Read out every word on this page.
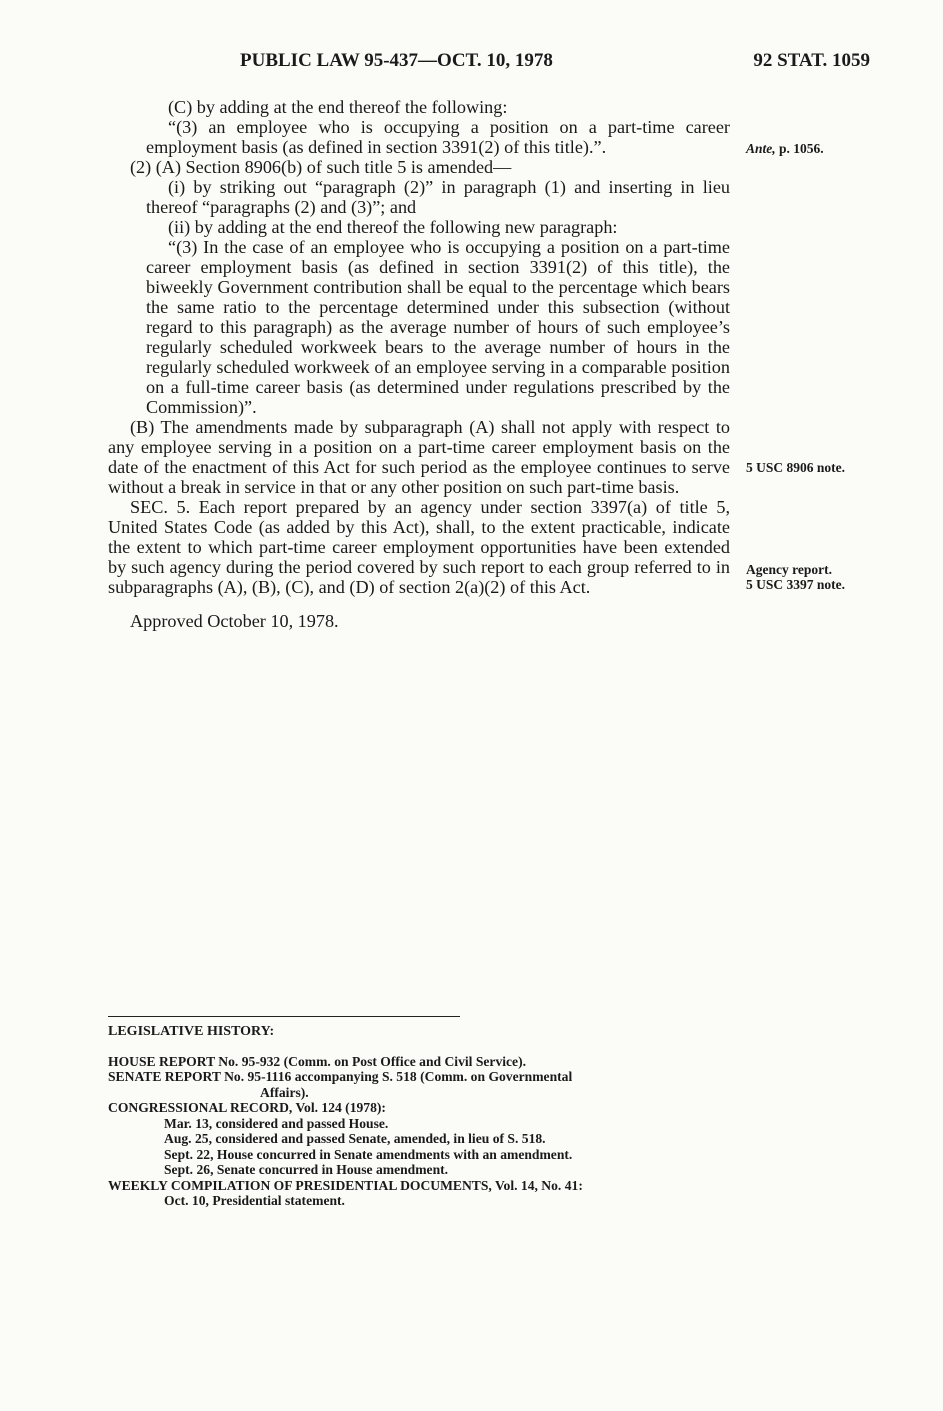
PUBLIC LAW 95-437—OCT. 10, 1978	92 STAT. 1059

(C) by adding at the end thereof the following:

“(3) an employee who is occupying a position on a part-time career employment basis (as defined in section 3391(2) of this title).”.

(2) (A) Section 8906(b) of such title 5 is amended—

(i) by striking out “paragraph (2)” in paragraph (1) and inserting in lieu thereof “paragraphs (2) and (3)”; and

(ii) by adding at the end thereof the following new paragraph:

“(3) In the case of an employee who is occupying a position on a part-time career employment basis (as defined in section 3391(2) of this title), the biweekly Government contribution shall be equal to the percentage which bears the same ratio to the percentage determined under this subsection (without regard to this paragraph) as the average number of hours of such employee’s regularly scheduled workweek bears to the average number of hours in the regularly scheduled workweek of an employee serving in a comparable position on a full-time career basis (as determined under regulations prescribed by the Commission)”.

(B) The amendments made by subparagraph (A) shall not apply with respect to any employee serving in a position on a part-time career employment basis on the date of the enactment of this Act for such period as the employee continues to serve without a break in service in that or any other position on such part-time basis.

SEC. 5. Each report prepared by an agency under section 3397(a) of title 5, United States Code (as added by this Act), shall, to the extent practicable, indicate the extent to which part-time career employment opportunities have been extended by such agency during the period covered by such report to each group referred to in subparagraphs (A), (B), (C), and (D) of section 2(a)(2) of this Act.

Approved October 10, 1978.

Ante, p. 1056.
5 USC 8906 note.
Agency report.
5 USC 3397 note.

LEGISLATIVE HISTORY:

HOUSE REPORT No. 95-932 (Comm. on Post Office and Civil Service).

SENATE REPORT No. 95-1116 accompanying S. 518 (Comm. on Governmental

Affairs).

CONGRESSIONAL RECORD, Vol. 124 (1978):

Mar. 13, considered and passed House.

Aug. 25, considered and passed Senate, amended, in lieu of S. 518.

Sept. 22, House concurred in Senate amendments with an amendment.

Sept. 26, Senate concurred in House amendment.

WEEKLY COMPILATION OF PRESIDENTIAL DOCUMENTS, Vol. 14, No. 41:

Oct. 10, Presidential statement.
